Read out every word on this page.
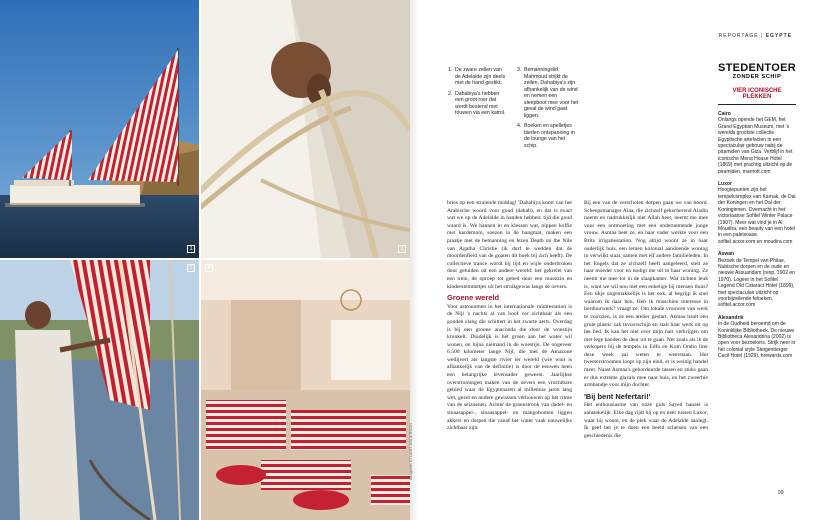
1	2
3	4
REPORTAGE | EGYPTE
1. De zware zeilen van de Adelalde zijn deels met de hand gestikt.
2. Dahabiya's hebben een groot roer dat wordt bestend met touwen via een katrol.
3. Bemanningslid Mahmoud strijkt de zeilen. Dahabiya's zijn afhankelijk van de wind en nemen een sleepboot mee voor het geval de wind gaat liggen.
4. Boeken en spelletjes bieden ontspanning in de lounge van het schip.
fotografie STUART ANDERSON

bries op een stralende middag! 'Dahabiya komt van het Arabische woord voor goud (dahab), en dat is exact wat we op de Adelalde in handen hebben: tijd die goud waard is. We hannen in en klessen wat, nippen koffie met kardemom, soezen in de hangmat, maken een praatje met de bemanning en lezen Death on the Nile van Agatha Christie (ik durf te wedden dat de moordenfield van de goaten dit boek bij zich heeft). De collectieve trance wordt bij tijd en wijle onderbroken door geluiden uit een andere wereld: het gekreiet van een trein, de oproep tot gebed door een muezzin en kinderstemmetjes uit het struikgewas langs de oevers.

Groene wereld

Voor astronomen in het internationale ruimtestation is de Nijl 's nachts al van hoof ver zichtbaar als een gouden slang die schittert in het zwarte aerts. Overdag is bij een groene anaconda die door de woestijn kronkelt. Duidelijk is het groen aan het water wil wonen, en bijna niemand in de woestijn. De ongeveer 6.500 kilometer lange Nijl, die met de Amazone wedijvert als langste rivier ter wereld (wie wint is afhankelijk van de definitie) is door de eeuwen heen een belangrijke levensader geweest. Jaarlijkse overstromingen maken van de oevers een vruchtbare gebied waar de Egyptenaren al millennia jaren lang wet, gezet en andere gewassen verbouwen op het ritme van de seizoenen. Achter de groenstrook van dadel- en sinaasappel-, sinaasappel- en mangobomen liggen akkers en dorpen die vanaf het water vaak nauwelijks zichtbaar zijn.

Bij een van de verscholen dorpen gaan we van boord. Scheepsmanager Alaa, die zichzelf gekscherend Aladin noemt en nadrukkelijk niet Allah heet, neemt me mee voor een ontmoeting met een ondernemende jonge vrouw. Asmaa heet ze, en haar vader werkte voor een Brits irrigatiestation. Nog altijd woont ze in haar ouderlijk huis, een lemen kolonial aandoende woning in verwilkt staat, samen met elf andere familieleden. In het Engels dat ze zichzelf heeft aangeleerd, stelt ze haar moeder voor en nodigt me uit in haar woning. Ze neemt me mee tot in de slaapkamer. Wat zichten leuk is, want we wil nou met een enkelige bij mensen thuis? Een tikje ongemakkelijk is het ook, al begrijp ik snel waarom ik daar ben. Heb ik misschien interesse in borduurwerk? vraagt ze. Om lokale vrouwen van werk te voorzien, is ze een atelier gestart. Asmaa haalt een grote plastic zak tevoorschijn en stalt haar werk uit op het bed. Ik kan het niet over mijn hart verkrijgen om met lege handen de deur uit te gaan. Net zoals als ik de verkopers bij de tempels in Edfu en Kom Ombo liter deze week zal weten te weerstaan. Het tweeterstroomen loopt op zijn eind, er is weinig handel meer. Naast Asmaa's geborduurde tassen en stuks gaan er dus extreme glazals mee naar huis, en het zweerbie armbandje voor mijn dochter.

'Bij bent Nefertari!'

Het enthousiasme van onze gids Sayed hanaei is aanstekelijk. Elke dag rijdt hij op en neer tussen Luxor, waar hij woont, en de plek waar de Adelalde aanlegt. Ik geef het je te doen een beeld schetsen van een geschiedenis die

STEDENTOER
ZONDER SCHIP
VIER ICONISCHE PLEKKEN
Cairo
Onlangs opende het GEM, het Grand Egyptian Museum, met 's werelds grootste collectie Egyptische artefacten in een spectaculair gebouw nabij de piramiden van Giza. Verblijf in het iconische Mena House Hotel (1869) met prachtig uitzicht op de piramiden. marriott.com
Luxor
Hoogtepunten zijn het tempelcomplex van Karnak, de Dal der Koningen en het Dal der Koninginnen. Overnacht in het victoriaanse Sofitel Winter Palace (1907). Meer wat vind je in Al Moudira, een beauty van een hotel in een paleisoase. sofitel.accor.com en moudira.com
Aswan
Bezoek de Tempel van Philae, Nubische dorpen en de oude en nieuwe Assuandam (resp. 1902 en 1970). Logeer in het Sofitel Legend Old Cataract Hotel (1899), met spectaculair uitzicht op voorbijzeilende feloeken. sofitel.accor.com
Alexandrië
In de Oudheid beroemd om de Koninklijke Bibliotheek. De nieuwe Bibliotheca Alexandrina (2002) is open voor bezoekers. Strijk neer in het colonial style Steigenberger Cecil Hotel (1929). hrewards.com
99
